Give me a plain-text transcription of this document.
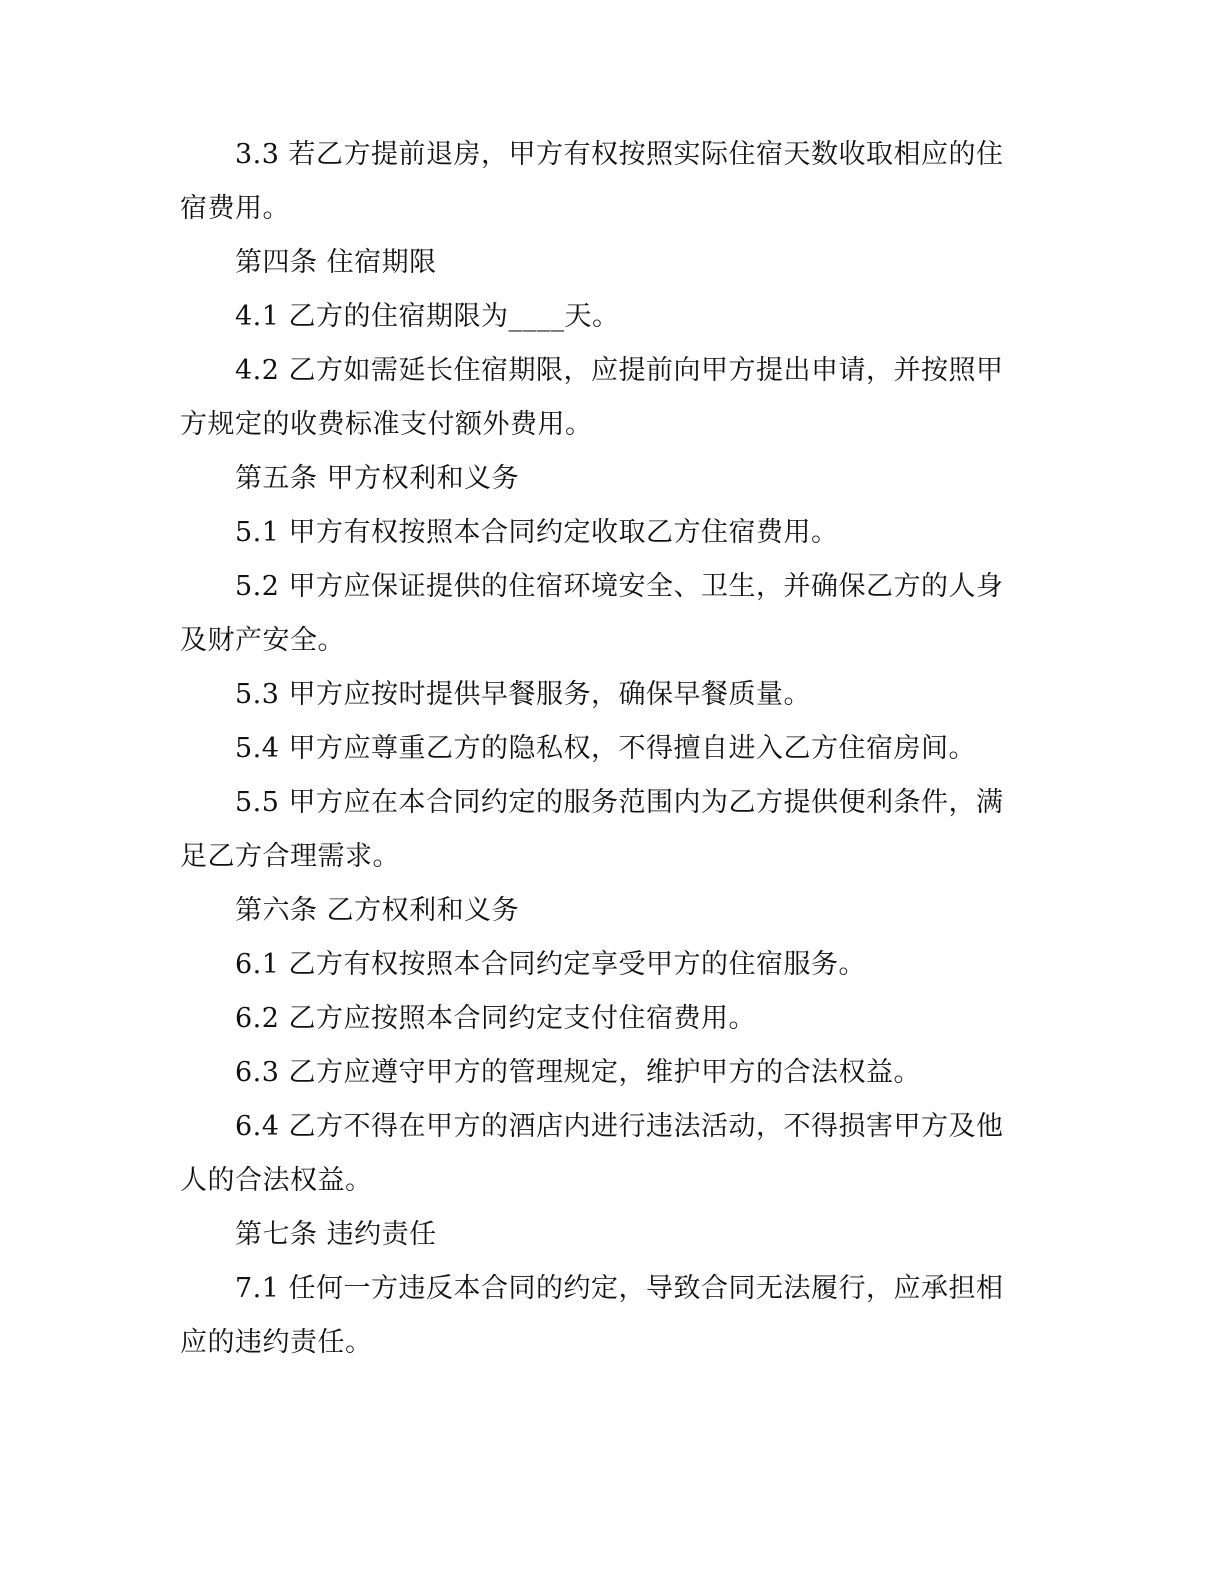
3.3 若乙方提前退房，甲方有权按照实际住宿天数收取相应的住宿费用。

第四条 住宿期限

4.1 乙方的住宿期限为____天。

4.2 乙方如需延长住宿期限，应提前向甲方提出申请，并按照甲方规定的收费标准支付额外费用。

第五条 甲方权利和义务

5.1 甲方有权按照本合同约定收取乙方住宿费用。

5.2 甲方应保证提供的住宿环境安全、卫生，并确保乙方的人身及财产安全。

5.3 甲方应按时提供早餐服务，确保早餐质量。

5.4 甲方应尊重乙方的隐私权，不得擅自进入乙方住宿房间。

5.5 甲方应在本合同约定的服务范围内为乙方提供便利条件，满足乙方合理需求。

第六条 乙方权利和义务

6.1 乙方有权按照本合同约定享受甲方的住宿服务。

6.2 乙方应按照本合同约定支付住宿费用。

6.3 乙方应遵守甲方的管理规定，维护甲方的合法权益。

6.4 乙方不得在甲方的酒店内进行违法活动，不得损害甲方及他人的合法权益。

第七条 违约责任

7.1 任何一方违反本合同的约定，导致合同无法履行，应承担相应的违约责任。
